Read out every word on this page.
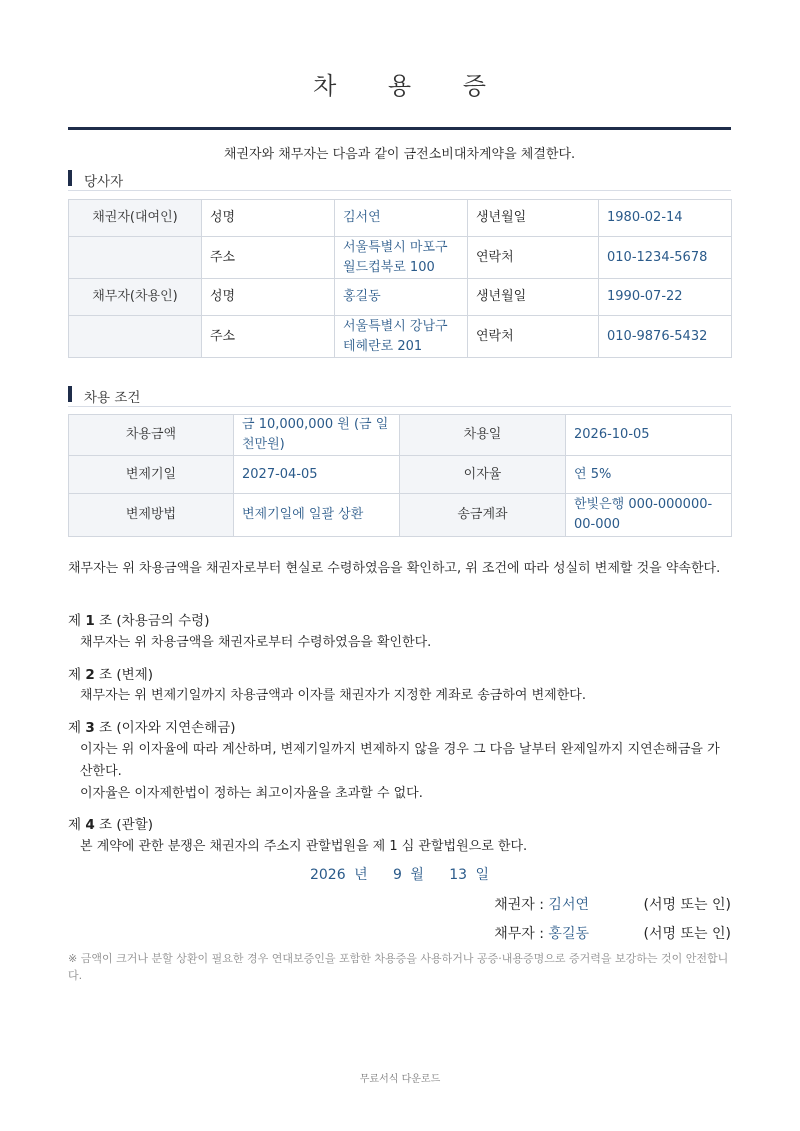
차 용 증
채권자와 채무자는 다음과 같이 금전소비대차계약을 체결한다.
당사자
채권자(대여인)	성명	김서연	생년월일	1980-02-14
	주소	서울특별시 마포구 월드컵북로 100	연락처	010-1234-5678
채무자(차용인)	성명	홍길동	생년월일	1990-07-22
	주소	서울특별시 강남구 테헤란로 201	연락처	010-9876-5432
차용 조건
차용금액	금 10,000,000 원 (금 일천만원)	차용일	2026-10-05
변제기일	2027-04-05	이자율	연 5%
변제방법	변제기일에 일괄 상환	송금계좌	한빛은행 000-000000-00-000
채무자는 위 차용금액을 채권자로부터 현실로 수령하였음을 확인하고, 위 조건에 따라 성실히 변제할 것을 약속한다.
제 1 조 (차용금의 수령)
채무자는 위 차용금액을 채권자로부터 수령하였음을 확인한다.
제 2 조 (변제)
채무자는 위 변제기일까지 차용금액과 이자를 채권자가 지정한 계좌로 송금하여 변제한다.
제 3 조 (이자와 지연손해금)
이자는 위 이자율에 따라 계산하며, 변제기일까지 변제하지 않을 경우 그 다음 날부터 완제일까지 지연손해금을 가산한다.
이자율은 이자제한법이 정하는 최고이자율을 초과할 수 없다.
제 4 조 (관할)
본 계약에 관한 분쟁은 채권자의 주소지 관할법원을 제 1 심 관할법원으로 한다.
2026 년 9 월 13 일
채권자 : 김서연	(서명 또는 인)
채무자 : 홍길동	(서명 또는 인)
※ 금액이 크거나 분할 상환이 필요한 경우 연대보증인을 포함한 차용증을 사용하거나 공증·내용증명으로 증거력을 보강하는 것이 안전합니다.
무료서식 다운로드
